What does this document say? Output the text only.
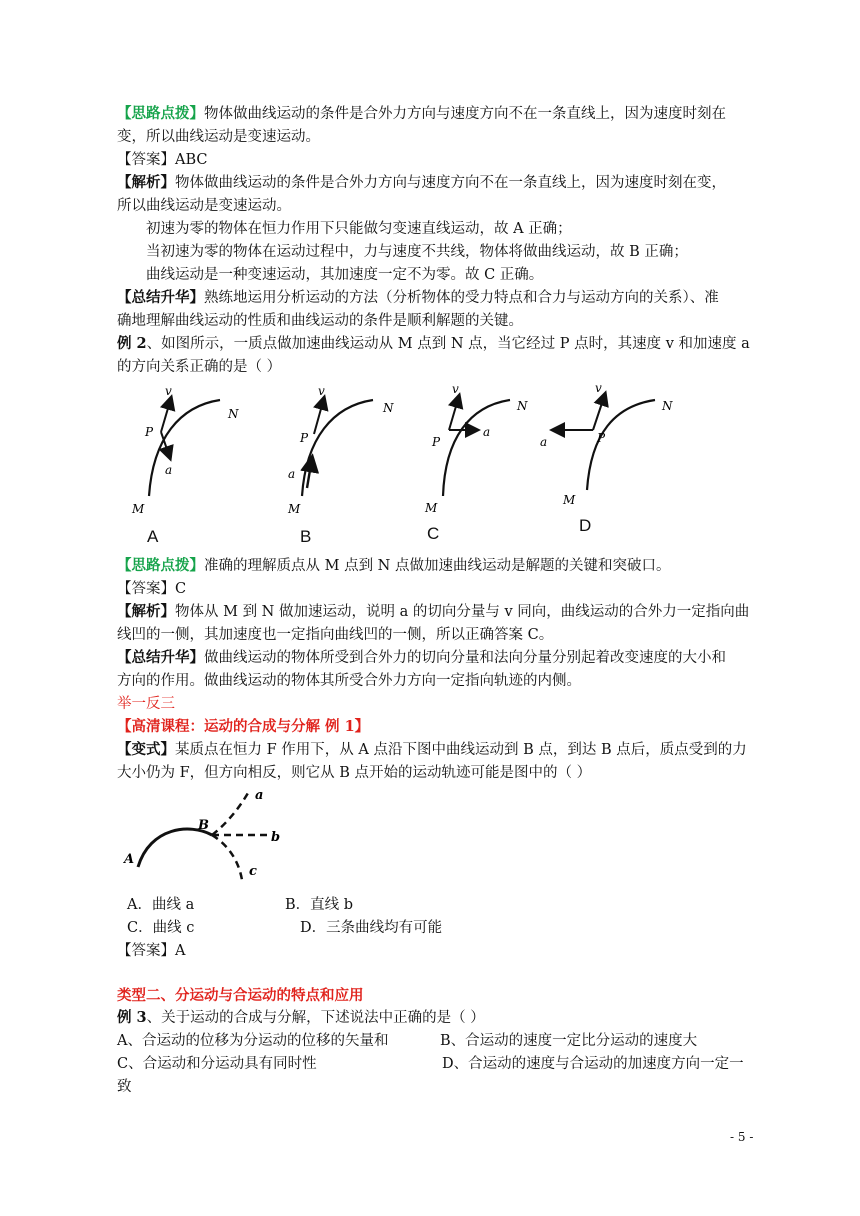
【思路点拨】物体做曲线运动的条件是合外力方向与速度方向不在一条直线上，因为速度时刻在
变，所以曲线运动是变速运动。
【答案】ABC
【解析】物体做曲线运动的条件是合外力方向与速度方向不在一条直线上，因为速度时刻在变，
所以曲线运动是变速运动。
初速为零的物体在恒力作用下只能做匀变速直线运动，故 A 正确；
当初速为零的物体在运动过程中，力与速度不共线，物体将做曲线运动，故 B 正确；
曲线运动是一种变速运动，其加速度一定不为零。故 C 正确。
【总结升华】熟练地运用分析运动的方法（分析物体的受力特点和合力与运动方向的关系）、准
确地理解曲线运动的性质和曲线运动的条件是顺利解题的关键。
例 2、如图所示，一质点做加速曲线运动从 M 点到 N 点，当它经过 P 点时，其速度 v 和加速度 a
的方向关系正确的是（ ）
v
P
a
M
N
v
P
a
M
N
v
P
a
M
N
v
P
a
M
N
A	B	C	D
【思路点拨】准确的理解质点从 M 点到 N 点做加速曲线运动是解题的关键和突破口。
【答案】C
【解析】物体从 M 到 N 做加速运动，说明 a 的切向分量与 v 同向，曲线运动的合外力一定指向曲
线凹的一侧，其加速度也一定指向曲线凹的一侧，所以正确答案 C。
【总结升华】做曲线运动的物体所受到合外力的切向分量和法向分量分别起着改变速度的大小和
方向的作用。做曲线运动的物体其所受合外力方向一定指向轨迹的内侧。
举一反三
【高清课程：运动的合成与分解 例 1】
【变式】某质点在恒力 F 作用下，从 A 点沿下图中曲线运动到 B 点，到达 B 点后，质点受到的力
大小仍为 F，但方向相反，则它从 B 点开始的运动轨迹可能是图中的（ ）
a
b
c
B
A
A．曲线 a	B．直线 b
C．曲线 c	D．三条曲线均有可能
【答案】A
类型二、分运动与合运动的特点和应用
例 3、关于运动的合成与分解，下述说法中正确的是（ ）
A、合运动的位移为分运动的位移的矢量和	B、合运动的速度一定比分运动的速度大
C、合运动和分运动具有同时性	D、合运动的速度与合运动的加速度方向一定一
致
- 5 -
